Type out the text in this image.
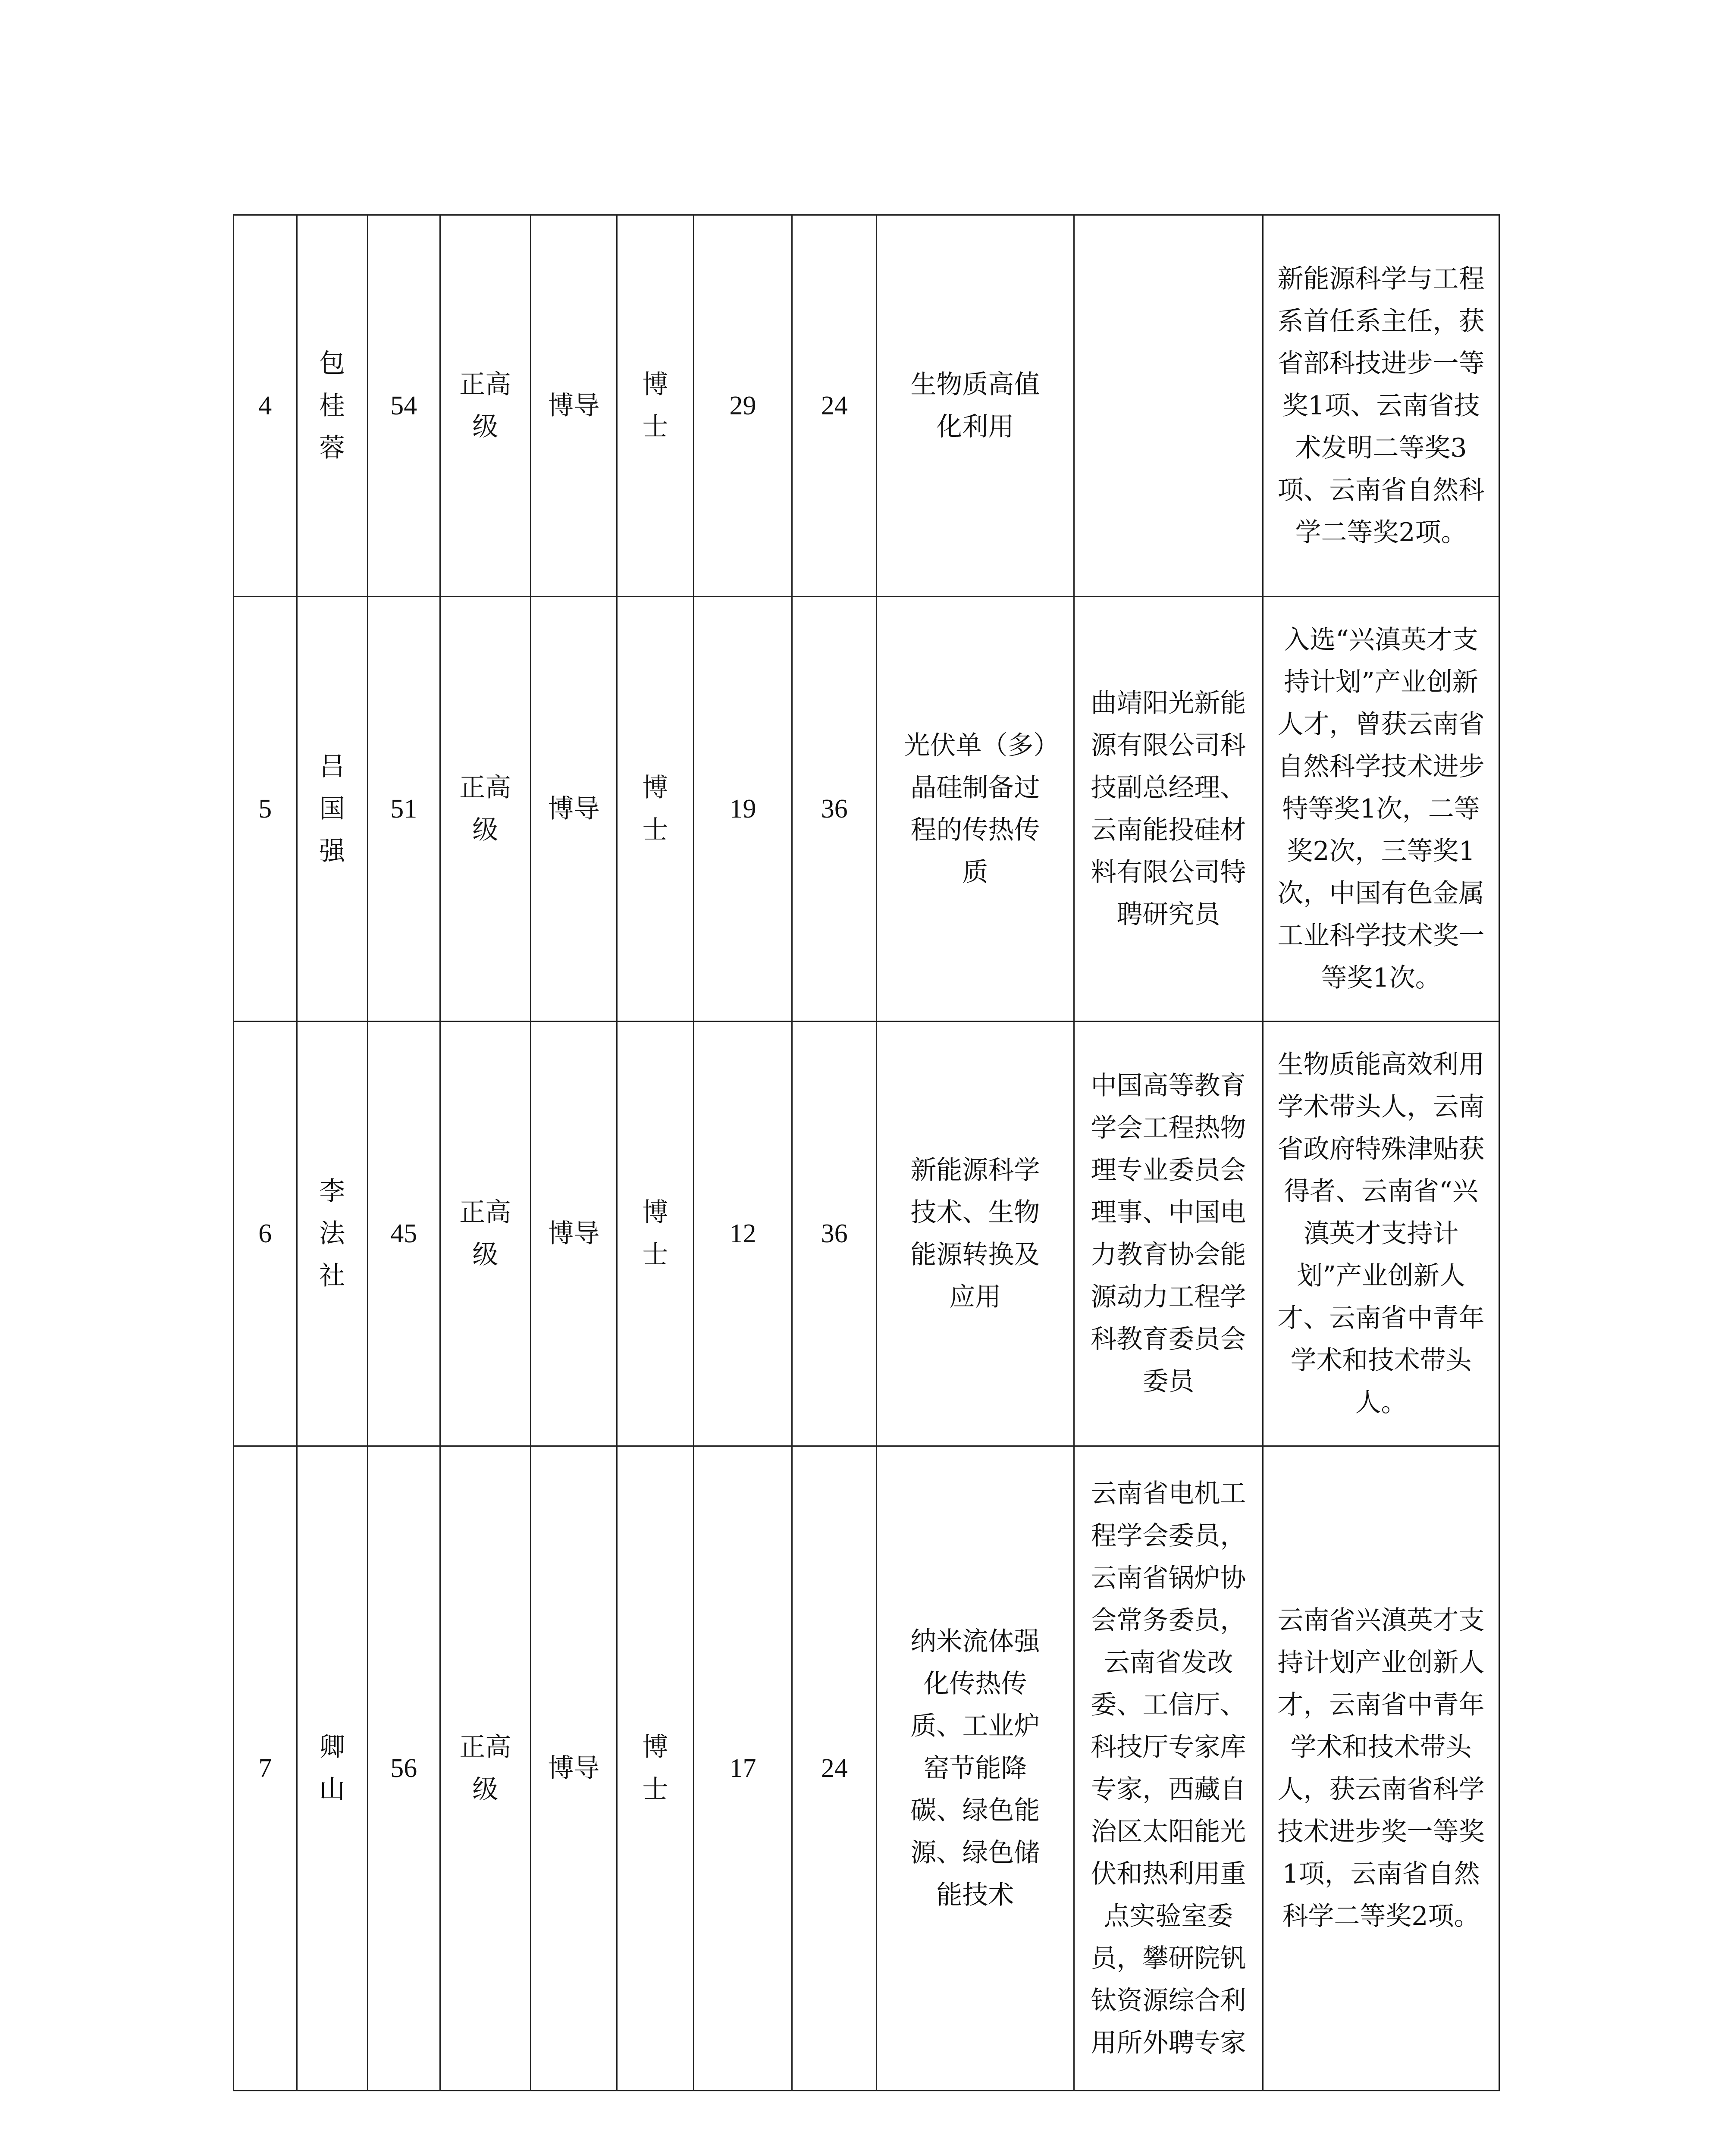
4	包桂蓉	54	正高级	博导	博士	29	24	生物质高值化利用		新能源科学与工程系首任系主任，获省部科技进步一等奖1项、云南省技术发明二等奖3项、云南省自然科学二等奖2项。
5	吕国强	51	正高级	博导	博士	19	36	光伏单（多）晶硅制备过程的传热传质	曲靖阳光新能源有限公司科技副总经理、云南能投硅材料有限公司特聘研究员	入选“兴滇英才支持计划”产业创新人才，曾获云南省自然科学技术进步特等奖1次，二等奖2次，三等奖1次，中国有色金属工业科学技术奖一等奖1次。
6	李法社	45	正高级	博导	博士	12	36	新能源科学技术、生物能源转换及应用	中国高等教育学会工程热物理专业委员会理事、中国电力教育协会能源动力工程学科教育委员会委员	生物质能高效利用学术带头人，云南省政府特殊津贴获得者、云南省“兴滇英才支持计划”产业创新人才、云南省中青年学术和技术带头人。
7	卿山	56	正高级	博导	博士	17	24	纳米流体强化传热传质、工业炉窑节能降碳、绿色能源、绿色储能技术	云南省电机工程学会委员，云南省锅炉协会常务委员，云南省发改委、工信厅、科技厅专家库专家，西藏自治区太阳能光伏和热利用重点实验室委员，攀研院钒钛资源综合利用所外聘专家	云南省兴滇英才支持计划产业创新人才，云南省中青年学术和技术带头人，获云南省科学技术进步奖一等奖1项，云南省自然科学二等奖2项。
